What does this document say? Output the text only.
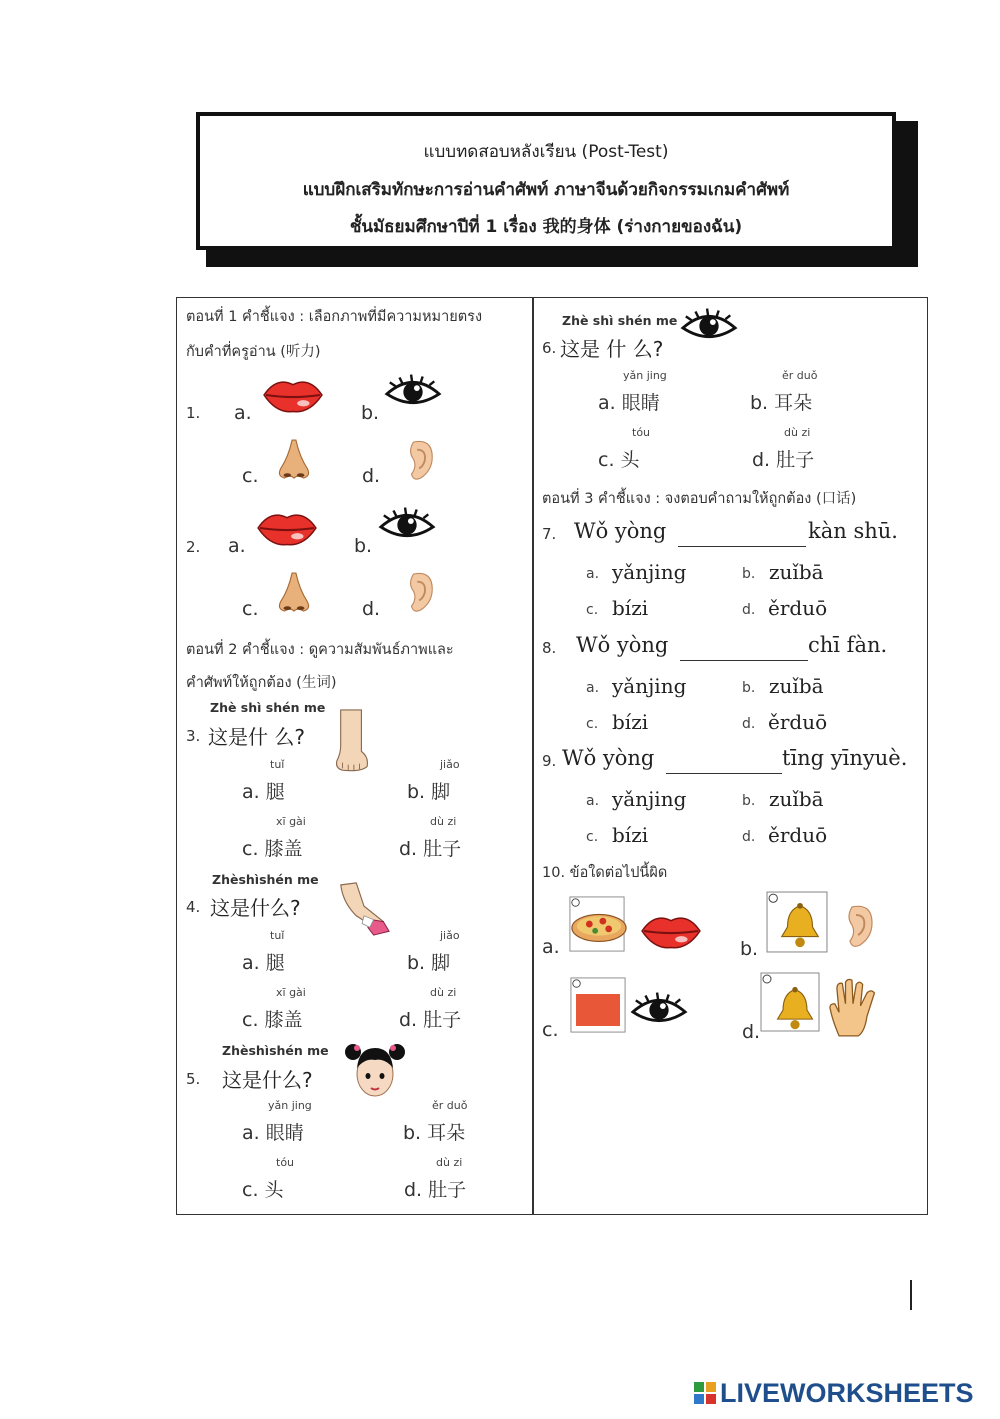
แบบทดสอบหลังเรียน (Post-Test)
แบบฝึกเสริมทักษะการอ่านคำศัพท์ ภาษาจีนด้วยกิจกรรมเกมคำศัพท์
ชั้นมัธยมศึกษาปีที่ 1 เรื่อง 我的身体 (ร่างกายของฉัน)
ตอนที่ 1 คำชี้แจง : เลือกภาพที่มีความหมายตรง
กับคำที่ครูอ่าน (听力)
1. a.	b.
c.	d.
2. a.	b.
c.	d.
ตอนที่ 2 คำชี้แจง : ดูความสัมพันธ์ภาพและ
คำศัพท์ให้ถูกต้อง (生词)
Zhè shì shén me
3. 这是什 么?
tuǐ
a. 腿
jiǎo
b. 脚
xī gài
c. 膝盖
dù zi
d. 肚子
Zhèshìshén me
4. 这是什么?
tuǐ
a. 腿
jiǎo
b. 脚
xī gài
c. 膝盖
dù zi
d. 肚子
Zhèshìshén me
5. 这是什么?
yǎn jing
a. 眼睛
ěr duǒ
b. 耳朵
tóu
c. 头
dù zi
d. 肚子
Zhè shì shén me
6. 这是 什 么?
yǎn jing
a. 眼睛
ěr duǒ
b. 耳朵
tóu
c. 头
dù zi
d. 肚子
ตอนที่ 3 คำชี้แจง : จงตอบคำถามให้ถูกต้อง (口话)
7. Wǒ yòng	kàn shū.
a. yǎnjing	b. zuǐbā
c. bízi	d. ěrduō
8. Wǒ yòng	chī fàn.
a. yǎnjing	b. zuǐbā
c. bízi	d. ěrduō
9. Wǒ yòng	tīng yīnyuè.
a. yǎnjing	b. zuǐbā
c. bízi	d. ěrduō
10. ข้อใดต่อไปนี้ผิด
a.	b.
c.	d.
LIVEWORKSHEETS
